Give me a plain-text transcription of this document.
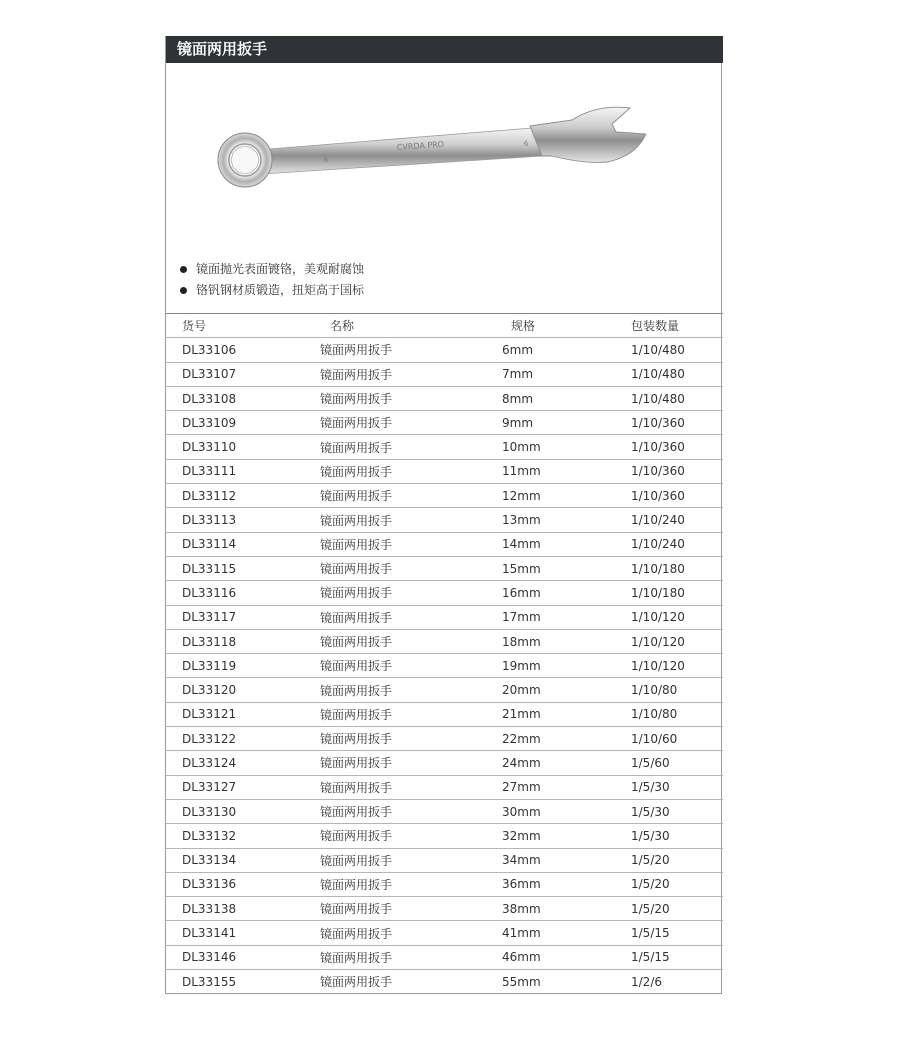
镜面两用扳手
CVRDA PRO
6
6
镜面抛光表面镀铬，美观耐腐蚀
铬钒钢材质锻造，扭矩高于国标
货号	名称	规格	包装数量
DL33106	镜面两用扳手	6mm	1/10/480
DL33107	镜面两用扳手	7mm	1/10/480
DL33108	镜面两用扳手	8mm	1/10/480
DL33109	镜面两用扳手	9mm	1/10/360
DL33110	镜面两用扳手	10mm	1/10/360
DL33111	镜面两用扳手	11mm	1/10/360
DL33112	镜面两用扳手	12mm	1/10/360
DL33113	镜面两用扳手	13mm	1/10/240
DL33114	镜面两用扳手	14mm	1/10/240
DL33115	镜面两用扳手	15mm	1/10/180
DL33116	镜面两用扳手	16mm	1/10/180
DL33117	镜面两用扳手	17mm	1/10/120
DL33118	镜面两用扳手	18mm	1/10/120
DL33119	镜面两用扳手	19mm	1/10/120
DL33120	镜面两用扳手	20mm	1/10/80
DL33121	镜面两用扳手	21mm	1/10/80
DL33122	镜面两用扳手	22mm	1/10/60
DL33124	镜面两用扳手	24mm	1/5/60
DL33127	镜面两用扳手	27mm	1/5/30
DL33130	镜面两用扳手	30mm	1/5/30
DL33132	镜面两用扳手	32mm	1/5/30
DL33134	镜面两用扳手	34mm	1/5/20
DL33136	镜面两用扳手	36mm	1/5/20
DL33138	镜面两用扳手	38mm	1/5/20
DL33141	镜面两用扳手	41mm	1/5/15
DL33146	镜面两用扳手	46mm	1/5/15
DL33155	镜面两用扳手	55mm	1/2/6
